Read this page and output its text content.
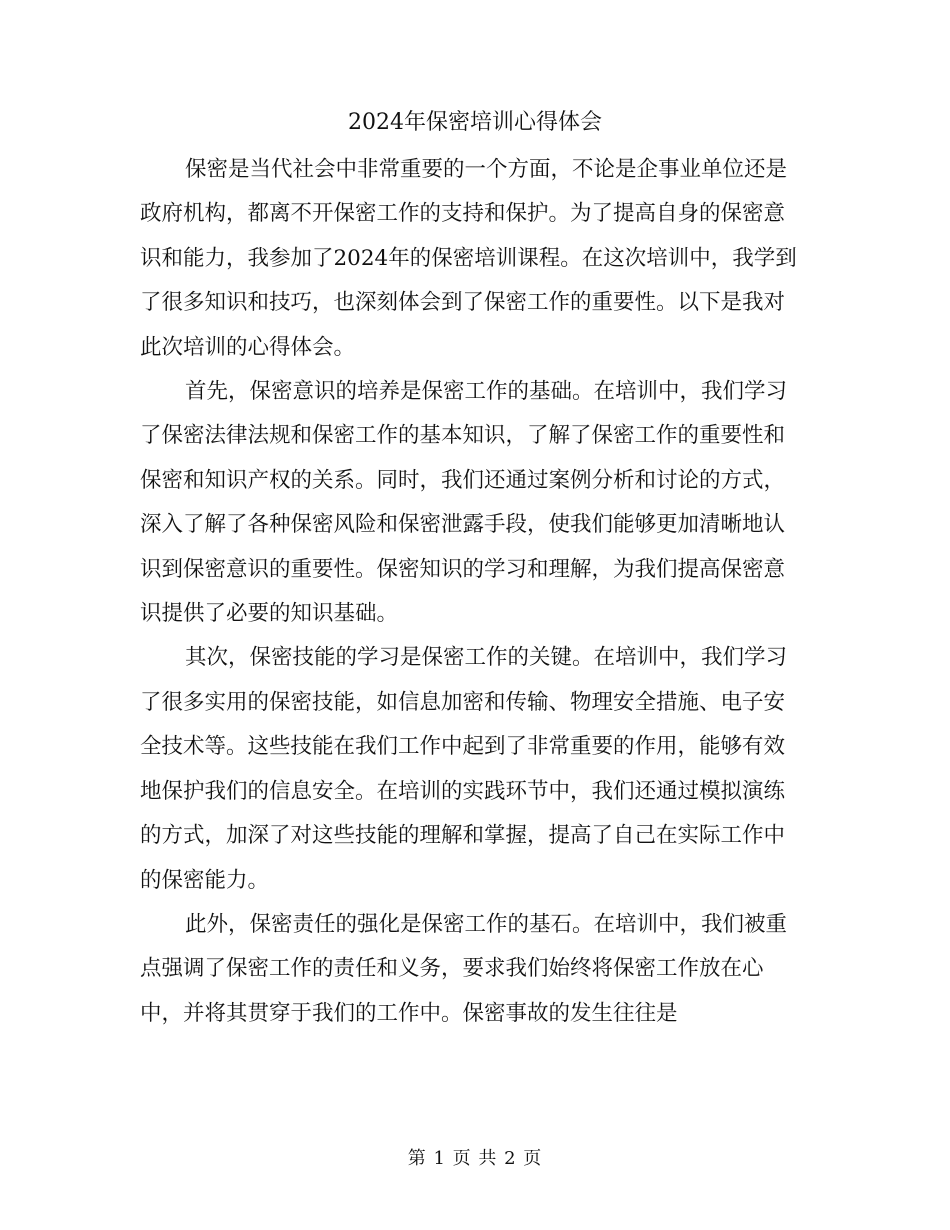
2024年保密培训心得体会

保密是当代社会中非常重要的一个方面，不论是企事业单位还是政府机构，都离不开保密工作的支持和保护。为了提高自身的保密意识和能力，我参加了2024年的保密培训课程。在这次培训中，我学到了很多知识和技巧，也深刻体会到了保密工作的重要性。以下是我对此次培训的心得体会。

首先，保密意识的培养是保密工作的基础。在培训中，我们学习了保密法律法规和保密工作的基本知识，了解了保密工作的重要性和保密和知识产权的关系。同时，我们还通过案例分析和讨论的方式，深入了解了各种保密风险和保密泄露手段，使我们能够更加清晰地认识到保密意识的重要性。保密知识的学习和理解，为我们提高保密意识提供了必要的知识基础。

其次，保密技能的学习是保密工作的关键。在培训中，我们学习了很多实用的保密技能，如信息加密和传输、物理安全措施、电子安全技术等。这些技能在我们工作中起到了非常重要的作用，能够有效地保护我们的信息安全。在培训的实践环节中，我们还通过模拟演练的方式，加深了对这些技能的理解和掌握，提高了自己在实际工作中的保密能力。

此外，保密责任的强化是保密工作的基石。在培训中，我们被重点强调了保密工作的责任和义务，要求我们始终将保密工作放在心中，并将其贯穿于我们的工作中。保密事故的发生往往是

第 1 页 共 2 页
